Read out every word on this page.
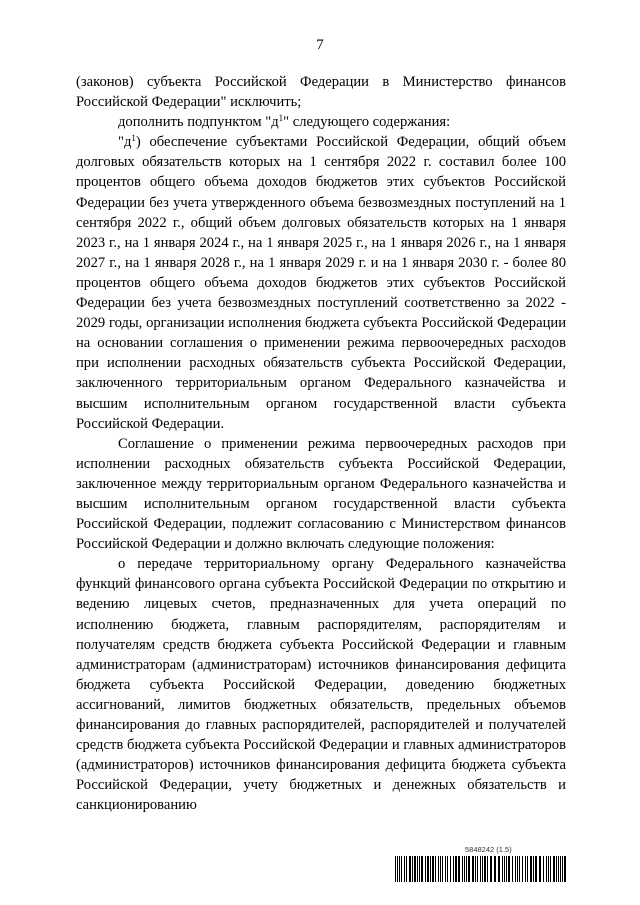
7

(законов) субъекта Российской Федерации в Министерство финансов Российской Федерации" исключить;

дополнить подпунктом "$д^1$" следующего содержания:

"$д^1$) обеспечение субъектами Российской Федерации, общий объем долговых обязательств которых на 1 сентября 2022 г. составил более 100 процентов общего объема доходов бюджетов этих субъектов Российской Федерации без учета утвержденного объема безвозмездных поступлений на 1 сентября 2022 г., общий объем долговых обязательств которых на 1 января 2023 г., на 1 января 2024 г., на 1 января 2025 г., на 1 января 2026 г., на 1 января 2027 г., на 1 января 2028 г., на 1 января 2029 г. и на 1 января 2030 г. - более 80 процентов общего объема доходов бюджетов этих субъектов Российской Федерации без учета безвозмездных поступлений соответственно за 2022 - 2029 годы, организации исполнения бюджета субъекта Российской Федерации на основании соглашения о применении режима первоочередных расходов при исполнении расходных обязательств субъекта Российской Федерации, заключенного территориальным органом Федерального казначейства и высшим исполнительным органом государственной власти субъекта Российской Федерации.

Соглашение о применении режима первоочередных расходов при исполнении расходных обязательств субъекта Российской Федерации, заключенное между территориальным органом Федерального казначейства и высшим исполнительным органом государственной власти субъекта Российской Федерации, подлежит согласованию с Министерством финансов Российской Федерации и должно включать следующие положения:

о передаче территориальному органу Федерального казначейства функций финансового органа субъекта Российской Федерации по открытию и ведению лицевых счетов, предназначенных для учета операций по исполнению бюджета, главным распорядителям, распорядителям и получателям средств бюджета субъекта Российской Федерации и главным администраторам (администраторам) источников финансирования дефицита бюджета субъекта Российской Федерации, доведению бюджетных ассигнований, лимитов бюджетных обязательств, предельных объемов финансирования до главных распорядителей, распорядителей и получателей средств бюджета субъекта Российской Федерации и главных администраторов (администраторов) источников финансирования дефицита бюджета субъекта Российской Федерации, учету бюджетных и денежных обязательств и санкционированию

5848242 (1.5)
